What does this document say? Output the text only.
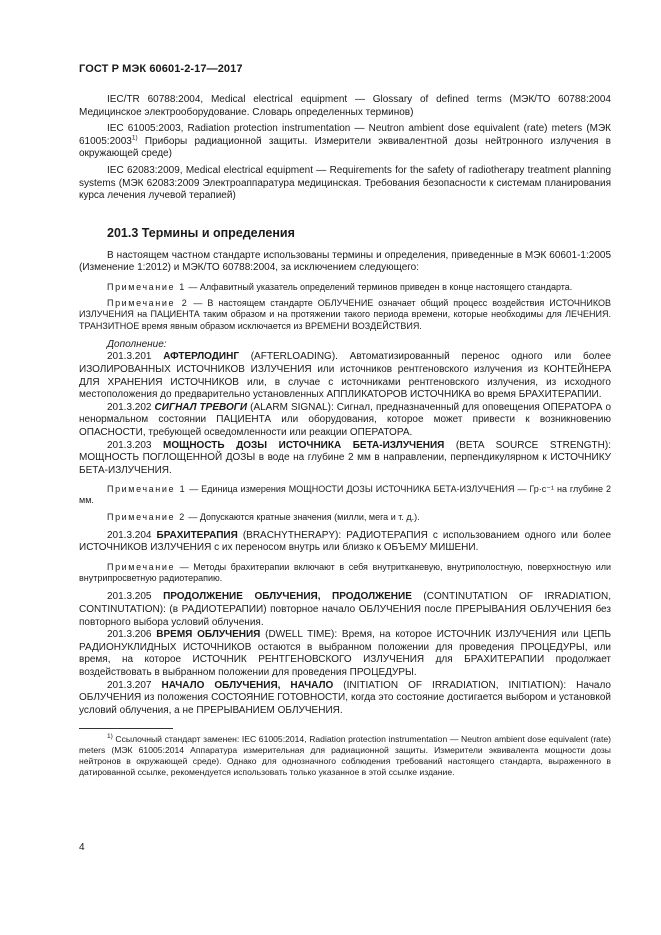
ГОСТ Р МЭК 60601-2-17—2017

IEC/TR 60788:2004, Medical electrical equipment — Glossary of defined terms (МЭК/ТО 60788:2004 Медицинское электрооборудование. Словарь определенных терминов)

IEC 61005:2003, Radiation protection instrumentation — Neutron ambient dose equivalent (rate) meters (МЭК 61005:2003$^{1)}$ Приборы радиационной защиты. Измерители эквивалентной дозы нейтронного излучения в окружающей среде)

IEC 62083:2009, Medical electrical equipment — Requirements for the safety of radiotherapy treatment planning systems (МЭК 62083:2009 Электроаппаратура медицинская. Требования безопасности к системам планирования курса лечения лучевой терапией)

201.3 Термины и определения

В настоящем частном стандарте использованы термины и определения, приведенные в МЭК 60601-1:2005 (Изменение 1:2012) и МЭК/ТО 60788:2004, за исключением следующего:

Примечание 1 — Алфавитный указатель определений терминов приведен в конце настоящего стандарта.

Примечание 2 — В настоящем стандарте ОБЛУЧЕНИЕ означает общий процесс воздействия ИСТОЧНИКОВ ИЗЛУЧЕНИЯ на ПАЦИЕНТА таким образом и на протяжении такого периода времени, которые необходимы для ЛЕЧЕНИЯ. ТРАНЗИТНОЕ время явным образом исключается из ВРЕМЕНИ ВОЗДЕЙСТВИЯ.

Дополнение:

201.3.201 АФТЕРЛОДИНГ (AFTERLOADING). Автоматизированный перенос одного или более ИЗОЛИРОВАННЫХ ИСТОЧНИКОВ ИЗЛУЧЕНИЯ или источников рентгеновского излучения из КОНТЕЙНЕРА ДЛЯ ХРАНЕНИЯ ИСТОЧНИКОВ или, в случае с источниками рентгеновского излучения, из исходного местоположения до предварительно установленных АППЛИКАТОРОВ ИСТОЧНИКА во время БРАХИТЕРАПИИ.

201.3.202 СИГНАЛ ТРЕВОГИ (ALARM SIGNAL): Сигнал, предназначенный для оповещения ОПЕРАТОРА о ненормальном состоянии ПАЦИЕНТА или оборудования, которое может привести к возникновению ОПАСНОСТИ, требующей осведомленности или реакции ОПЕРАТОРА.

201.3.203 МОЩНОСТЬ ДОЗЫ ИСТОЧНИКА БЕТА-ИЗЛУЧЕНИЯ (BETA SOURCE STRENGTH): МОЩНОСТЬ ПОГЛОЩЕННОЙ ДОЗЫ в воде на глубине 2 мм в направлении, перпендикулярном к ИСТОЧНИКУ БЕТА-ИЗЛУЧЕНИЯ.

Примечание 1 — Единица измерения МОЩНОСТИ ДОЗЫ ИСТОЧНИКА БЕТА-ИЗЛУЧЕНИЯ — Гр·с⁻¹ на глубине 2 мм.

Примечание 2 — Допускаются кратные значения (милли, мега и т. д.).

201.3.204 БРАХИТЕРАПИЯ (BRACHYTHERAPY): РАДИОТЕРАПИЯ с использованием одного или более ИСТОЧНИКОВ ИЗЛУЧЕНИЯ с их переносом внутрь или близко к ОБЪЕМУ МИШЕНИ.

Примечание — Методы брахитерапии включают в себя внутритканевую, внутриполостную, поверхностную или внутрипросветную радиотерапию.

201.3.205 ПРОДОЛЖЕНИЕ ОБЛУЧЕНИЯ, ПРОДОЛЖЕНИЕ (CONTINUTATION OF IRRADIATION, CONTINUTATION): (в РАДИОТЕРАПИИ) повторное начало ОБЛУЧЕНИЯ после ПРЕРЫВАНИЯ ОБЛУЧЕНИЯ без повторного выбора условий облучения.

201.3.206 ВРЕМЯ ОБЛУЧЕНИЯ (DWELL TIME): Время, на которое ИСТОЧНИК ИЗЛУЧЕНИЯ или ЦЕПЬ РАДИОНУКЛИДНЫХ ИСТОЧНИКОВ остаются в выбранном положении для проведения ПРОЦЕДУРЫ, или время, на которое ИСТОЧНИК РЕНТГЕНОВСКОГО ИЗЛУЧЕНИЯ для БРАХИТЕРАПИИ продолжает воздействовать в выбранном положении для проведения ПРОЦЕДУРЫ.

201.3.207 НАЧАЛО ОБЛУЧЕНИЯ, НАЧАЛО (INITIATION OF IRRADIATION, INITIATION): Начало ОБЛУЧЕНИЯ из положения СОСТОЯНИЕ ГОТОВНОСТИ, когда это состояние достигается выбором и установкой условий облучения, а не ПРЕРЫВАНИЕМ ОБЛУЧЕНИЯ.

$^{1)}$ Ссылочный стандарт заменен: IEC 61005:2014, Radiation protection instrumentation — Neutron ambient dose equivalent (rate) meters (МЭК 61005:2014 Аппаратура измерительная для радиационной защиты. Измерители эквивалента мощности дозы нейтронов в окружающей среде). Однако для однозначного соблюдения требований настоящего стандарта, выраженного в датированной ссылке, рекомендуется использовать только указанное в этой ссылке издание.

4
